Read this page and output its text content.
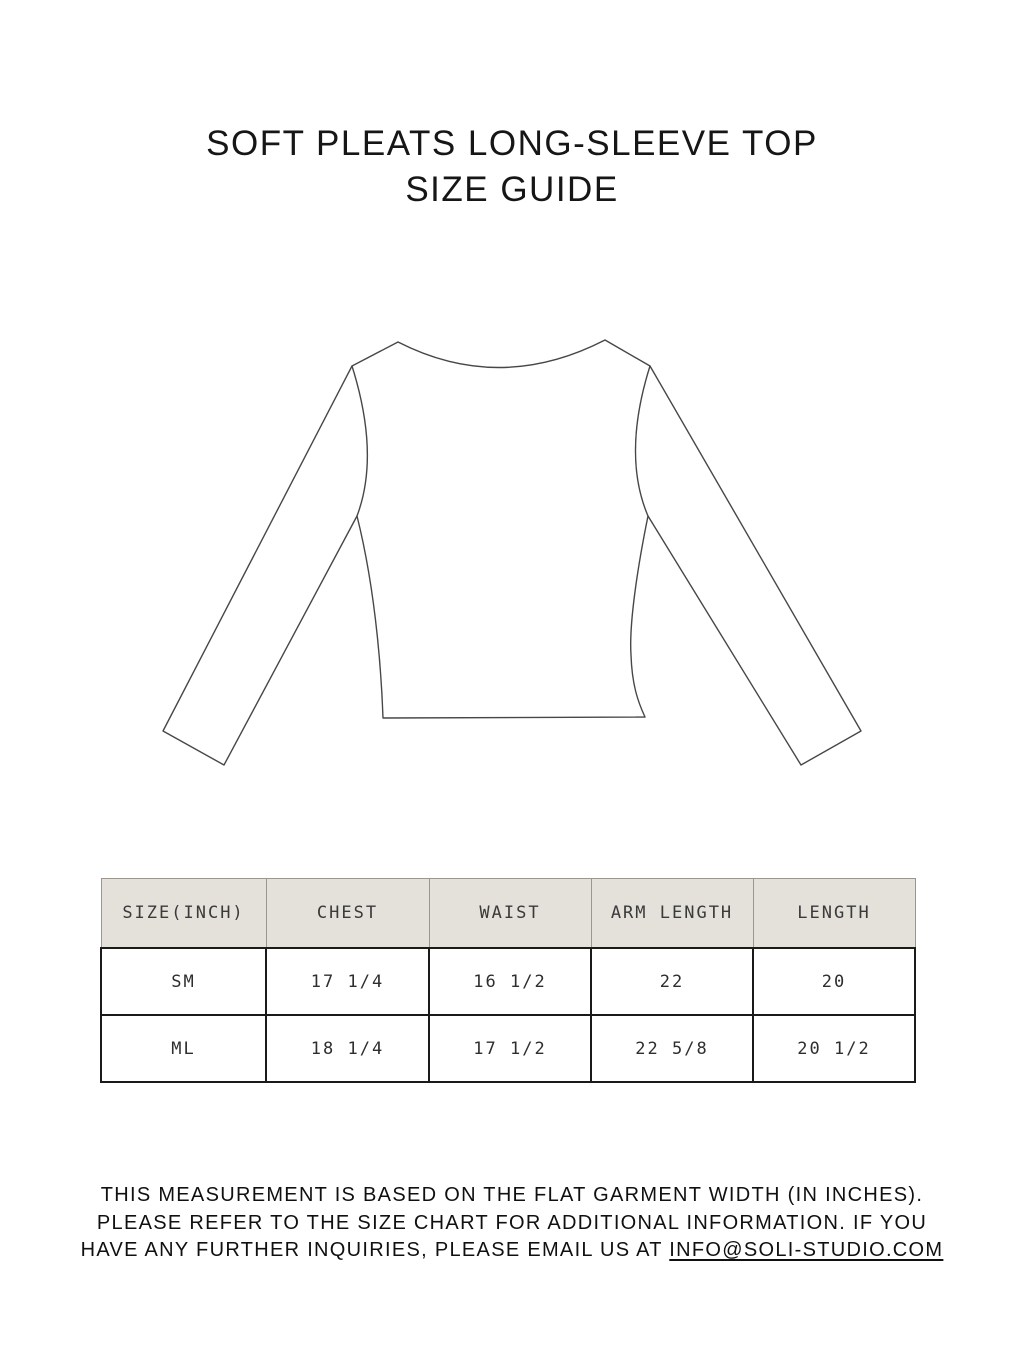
SOFT PLEATS LONG-SLEEVE TOP
SIZE GUIDE
SIZE(INCH)	CHEST	WAIST	ARM LENGTH	LENGTH
SM	17 1/4	16 1/2	22	20
ML	18 1/4	17 1/2	22 5/8	20 1/2
THIS MEASUREMENT IS BASED ON THE FLAT GARMENT WIDTH (IN INCHES).
PLEASE REFER TO THE SIZE CHART FOR ADDITIONAL INFORMATION. IF YOU
HAVE ANY FURTHER INQUIRIES, PLEASE EMAIL US AT INFO@SOLI-STUDIO.COM
